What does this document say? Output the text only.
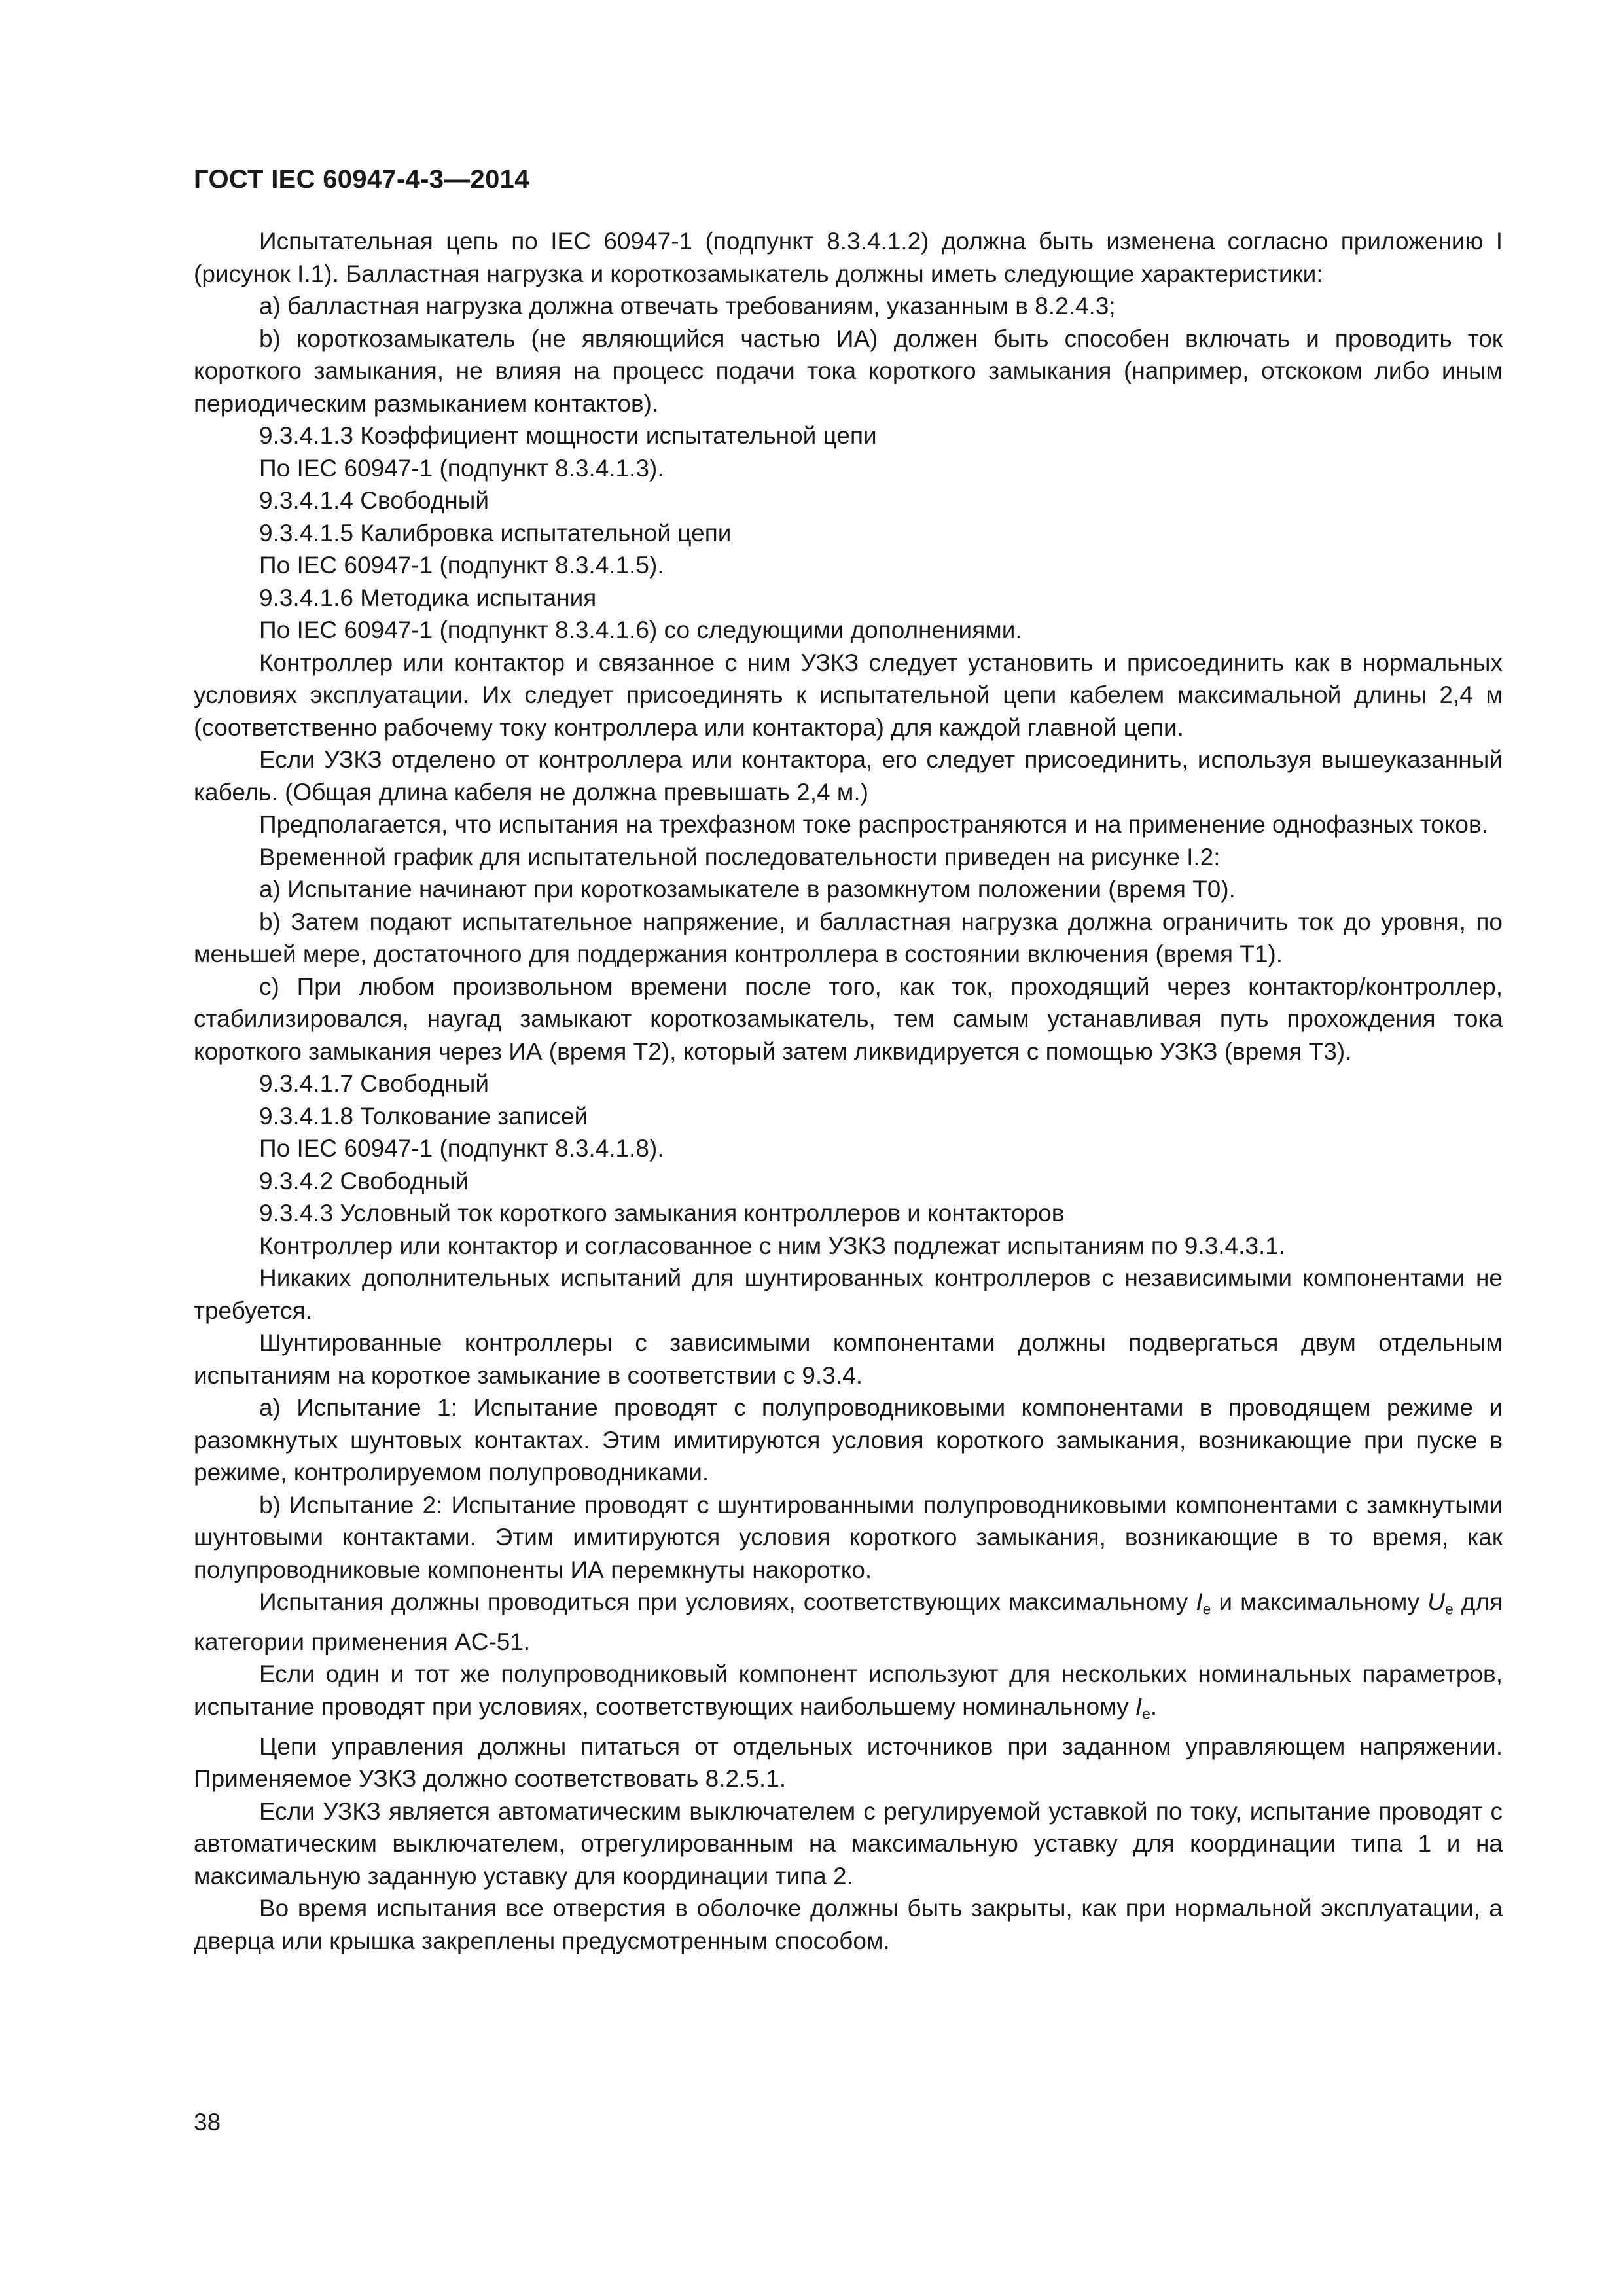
ГОСТ IEC 60947-4-3—2014

Испытательная цепь по IEC 60947-1 (подпункт 8.3.4.1.2) должна быть изменена согласно приложению I (рисунок I.1). Балластная нагрузка и короткозамыкатель должны иметь следующие характеристики:

a) балластная нагрузка должна отвечать требованиям, указанным в 8.2.4.3;

b) короткозамыкатель (не являющийся частью ИА) должен быть способен включать и проводить ток короткого замыкания, не влияя на процесс подачи тока короткого замыкания (например, отскоком либо иным периодическим размыканием контактов).

9.3.4.1.3 Коэффициент мощности испытательной цепи

По IEC 60947-1 (подпункт 8.3.4.1.3).

9.3.4.1.4 Свободный

9.3.4.1.5 Калибровка испытательной цепи

По IEC 60947-1 (подпункт 8.3.4.1.5).

9.3.4.1.6 Методика испытания

По IEC 60947-1 (подпункт 8.3.4.1.6) со следующими дополнениями.

Контроллер или контактор и связанное с ним УЗКЗ следует установить и присоединить как в нормальных условиях эксплуатации. Их следует присоединять к испытательной цепи кабелем максимальной длины 2,4 м (соответственно рабочему току контроллера или контактора) для каждой главной цепи.

Если УЗКЗ отделено от контроллера или контактора, его следует присоединить, используя вышеуказанный кабель. (Общая длина кабеля не должна превышать 2,4 м.)

Предполагается, что испытания на трехфазном токе распространяются и на применение однофазных токов.

Временной график для испытательной последовательности приведен на рисунке I.2:

a) Испытание начинают при короткозамыкателе в разомкнутом положении (время T0).

b) Затем подают испытательное напряжение, и балластная нагрузка должна ограничить ток до уровня, по меньшей мере, достаточного для поддержания контроллера в состоянии включения (время T1).

c) При любом произвольном времени после того, как ток, проходящий через контактор/контроллер, стабилизировался, наугад замыкают короткозамыкатель, тем самым устанавливая путь прохождения тока короткого замыкания через ИА (время T2), который затем ликвидируется с помощью УЗКЗ (время T3).

9.3.4.1.7 Свободный

9.3.4.1.8 Толкование записей

По IEC 60947-1 (подпункт 8.3.4.1.8).

9.3.4.2 Свободный

9.3.4.3 Условный ток короткого замыкания контроллеров и контакторов

Контроллер или контактор и согласованное с ним УЗКЗ подлежат испытаниям по 9.3.4.3.1.

Никаких дополнительных испытаний для шунтированных контроллеров с независимыми компонентами не требуется.

Шунтированные контроллеры с зависимыми компонентами должны подвергаться двум отдельным испытаниям на короткое замыкание в соответствии с 9.3.4.

a) Испытание 1: Испытание проводят с полупроводниковыми компонентами в проводящем режиме и разомкнутых шунтовых контактах. Этим имитируются условия короткого замыкания, возникающие при пуске в режиме, контролируемом полупроводниками.

b) Испытание 2: Испытание проводят с шунтированными полупроводниковыми компонентами с замкнутыми шунтовыми контактами. Этим имитируются условия короткого замыкания, возникающие в то время, как полупроводниковые компоненты ИА перемкнуты накоротко.

Испытания должны проводиться при условиях, соответствующих максимальному $I_e$ и максимальному $U_e$ для категории применения AC-51.

Если один и тот же полупроводниковый компонент используют для нескольких номинальных параметров, испытание проводят при условиях, соответствующих наибольшему номинальному $I_e$.

Цепи управления должны питаться от отдельных источников при заданном управляющем напряжении. Применяемое УЗКЗ должно соответствовать 8.2.5.1.

Если УЗКЗ является автоматическим выключателем с регулируемой уставкой по току, испытание проводят с автоматическим выключателем, отрегулированным на максимальную уставку для координации типа 1 и на максимальную заданную уставку для координации типа 2.

Во время испытания все отверстия в оболочке должны быть закрыты, как при нормальной эксплуатации, а дверца или крышка закреплены предусмотренным способом.

38
